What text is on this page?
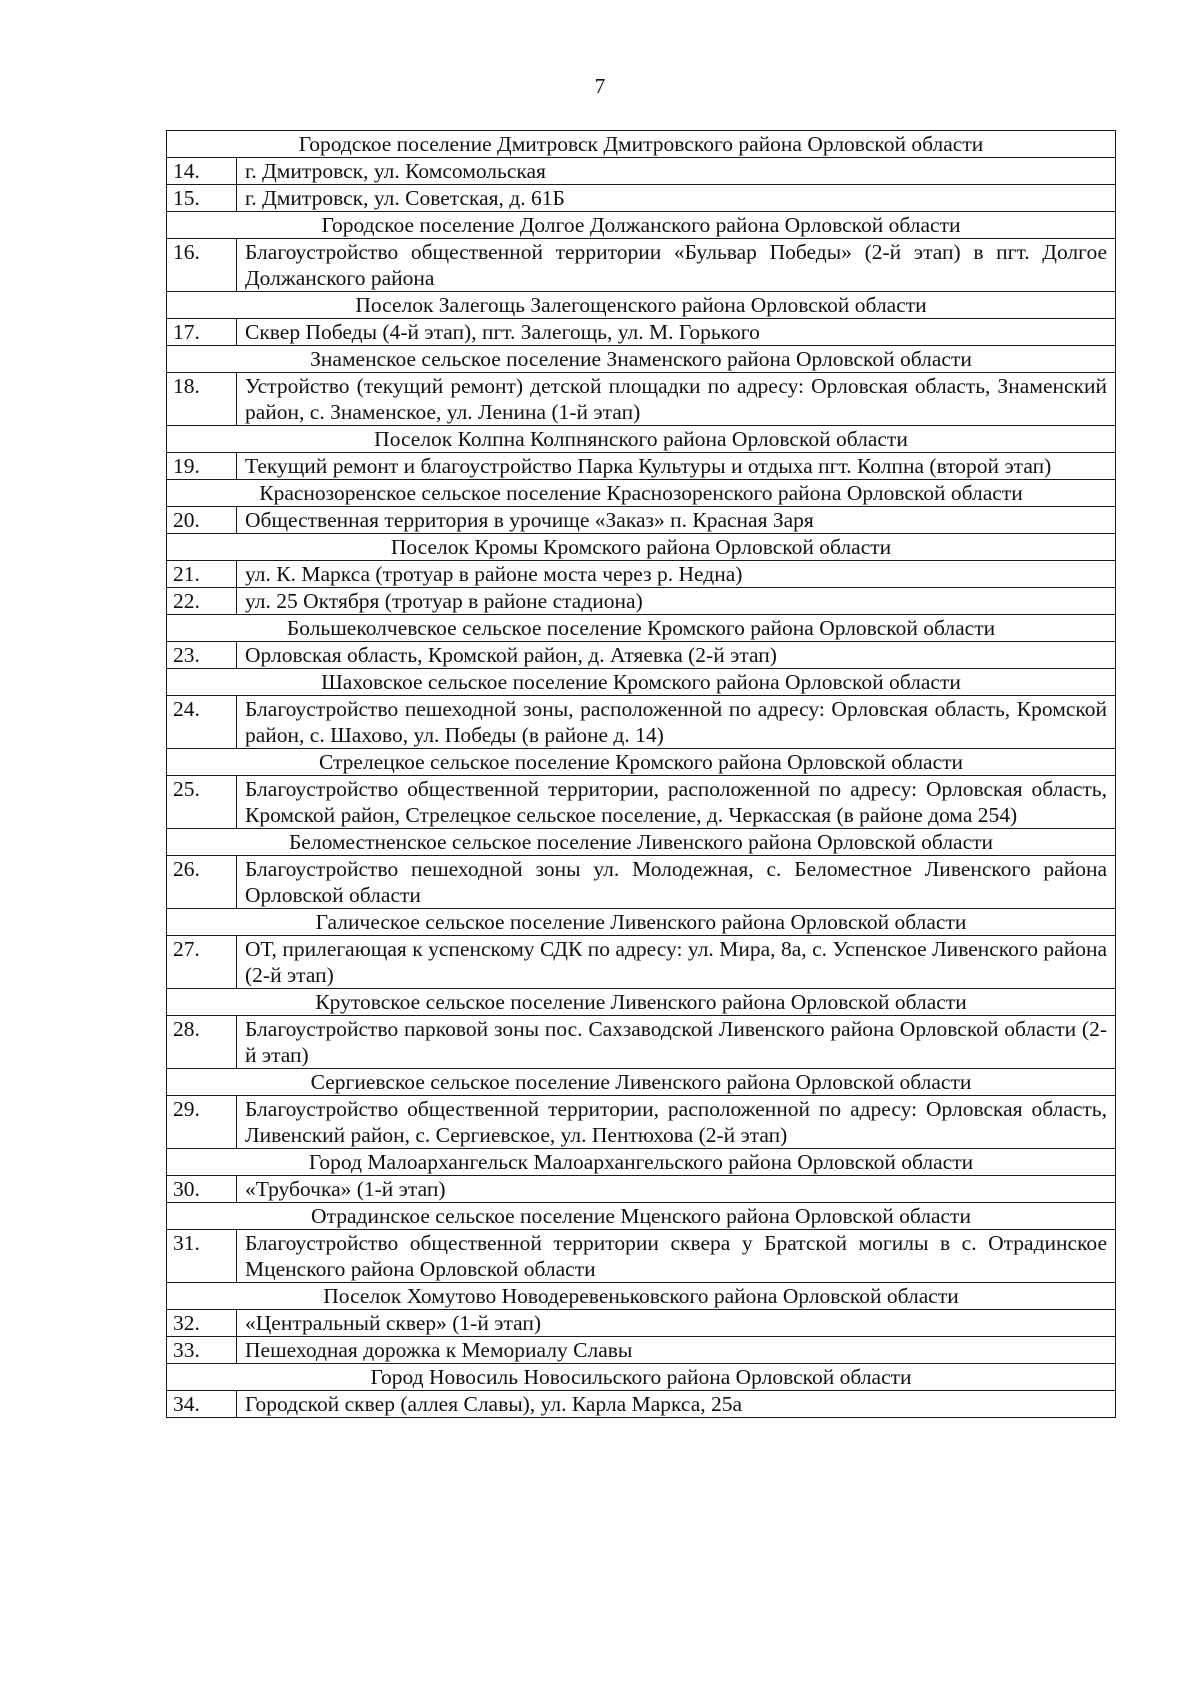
7
Городское поселение Дмитровск Дмитровского района Орловской области	
14.	г. Дмитровск, ул. Комсомольская
15.	г. Дмитровск, ул. Советская, д. 61Б
Городское поселение Долгое Должанского района Орловской области	
16.	Благоустройство общественной территории «Бульвар Победы» (2-й этап) в пгт. Долгое Должанского района
Поселок Залегощь Залегощенского района Орловской области	
17.	Сквер Победы (4-й этап), пгт. Залегощь, ул. М. Горького
Знаменское сельское поселение Знаменского района Орловской области	
18.	Устройство (текущий ремонт) детской площадки по адресу: Орловская область, Знаменский район, с. Знаменское, ул. Ленина (1-й этап)
Поселок Колпна Колпнянского района Орловской области	
19.	Текущий ремонт и благоустройство Парка Культуры и отдыха пгт. Колпна (второй этап)
Краснозоренское сельское поселение Краснозоренского района Орловской области	
20.	Общественная территория в урочище «Заказ» п. Красная Заря
Поселок Кромы Кромского района Орловской области	
21.	ул. К. Маркса (тротуар в районе моста через р. Недна)
22.	ул. 25 Октября (тротуар в районе стадиона)
Большеколчевское сельское поселение Кромского района Орловской области	
23.	Орловская область, Кромской район, д. Атяевка (2-й этап)
Шаховское сельское поселение Кромского района Орловской области	
24.	Благоустройство пешеходной зоны, расположенной по адресу: Орловская область, Кромской район, с. Шахово, ул. Победы (в районе д. 14)
Стрелецкое сельское поселение Кромского района Орловской области	
25.	Благоустройство общественной территории, расположенной по адресу: Орловская область, Кромской район, Стрелецкое сельское поселение, д. Черкасская (в районе дома 254)
Беломестненское сельское поселение Ливенского района Орловской области	
26.	Благоустройство пешеходной зоны ул. Молодежная, с. Беломестное Ливенского района Орловской области
Галическое сельское поселение Ливенского района Орловской области	
27.	ОТ, прилегающая к успенскому СДК по адресу: ул. Мира, 8а, с. Успенское Ливенского района (2-й этап)
Крутовское сельское поселение Ливенского района Орловской области	
28.	Благоустройство парковой зоны пос. Сахзаводской Ливенского района Орловской области (2-й этап)
Сергиевское сельское поселение Ливенского района Орловской области	
29.	Благоустройство общественной территории, расположенной по адресу: Орловская область, Ливенский район, с. Сергиевское, ул. Пентюхова (2-й этап)
Город Малоархангельск Малоархангельского района Орловской области	
30.	«Трубочка» (1-й этап)
Отрадинское сельское поселение Мценского района Орловской области	
31.	Благоустройство общественной территории сквера у Братской могилы в с. Отрадинское Мценского района Орловской области
Поселок Хомутово Новодеревеньковского района Орловской области	
32.	«Центральный сквер» (1-й этап)
33.	Пешеходная дорожка к Мемориалу Славы
Город Новосиль Новосильского района Орловской области	
34.	Городской сквер (аллея Славы), ул. Карла Маркса, 25а
